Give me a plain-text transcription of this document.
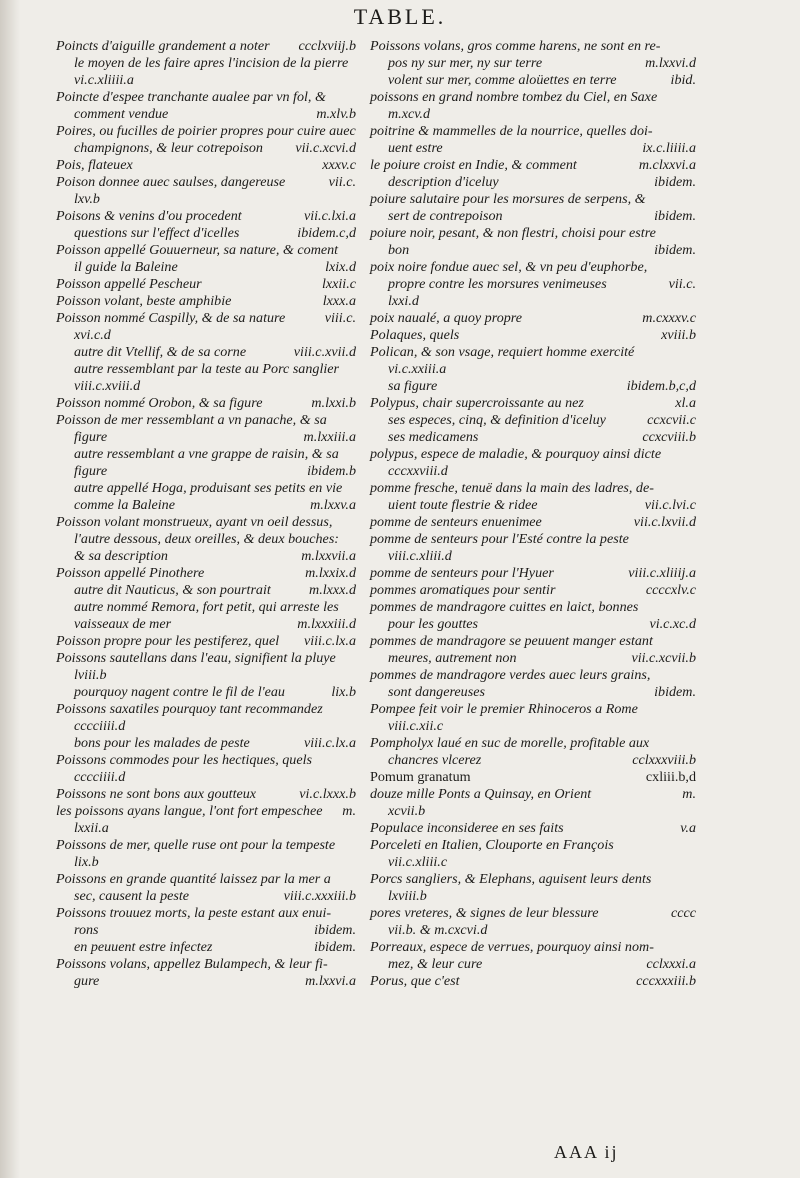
TABLE.
Poincts d'aiguille grandement a noter	ccclxviij.b
le moyen de les faire apres l'incision de la pierre
vi.c.xliiii.a
Poincte d'espee tranchante aualee par vn fol, &
comment vendue	m.xlv.b
Poires, ou fucilles de poirier propres pour cuire auec
champignons, & leur cotrepoison	vii.c.xcvi.d
Pois, flateuex	xxxv.c
Poison donnee auec saulses, dangereuse	vii.c.
lxv.b
Poisons & venins d'ou procedent	vii.c.lxi.a
questions sur l'effect d'icelles	ibidem.c,d
Poisson appellé Gouuerneur, sa nature, & coment
il guide la Baleine	lxix.d
Poisson appellé Pescheur	lxxii.c
Poisson volant, beste amphibie	lxxx.a
Poisson nommé Caspilly, & de sa nature	viii.c.
xvi.c.d
autre dit Vtellif, & de sa corne	viii.c.xvii.d
autre ressemblant par la teste au Porc sanglier
viii.c.xviii.d
Poisson nommé Orobon, & sa figure	m.lxxi.b
Poisson de mer ressemblant a vn panache, & sa
figure	m.lxxiii.a
autre ressemblant a vne grappe de raisin, & sa
figure	ibidem.b
autre appellé Hoga, produisant ses petits en vie
comme la Baleine	m.lxxv.a
Poisson volant monstrueux, ayant vn oeil dessus,
l'autre dessous, deux oreilles, & deux bouches:
& sa description	m.lxxvii.a
Poisson appellé Pinothere	m.lxxix.d
autre dit Nauticus, & son pourtrait	m.lxxx.d
autre nommé Remora, fort petit, qui arreste les
vaisseaux de mer	m.lxxxiii.d
Poisson propre pour les pestiferez, quel	viii.c.lx.a
Poissons sautellans dans l'eau, signifient la pluye
lviii.b
pourquoy nagent contre le fil de l'eau	lix.b
Poissons saxatiles pourquoy tant recommandez
cccciiii.d
bons pour les malades de peste	viii.c.lx.a
Poissons commodes pour les hectiques, quels
cccciiii.d
Poissons ne sont bons aux goutteux	vi.c.lxxx.b
les poissons ayans langue, l'ont fort empeschee	m.
lxxii.a
Poissons de mer, quelle ruse ont pour la tempeste
lix.b
Poissons en grande quantité laissez par la mer a
sec, causent la peste	viii.c.xxxiii.b
Poissons trouuez morts, la peste estant aux enui-
rons	ibidem.
en peuuent estre infectez	ibidem.
Poissons volans, appellez Bulampech, & leur fi-
gure	m.lxxvi.a
Poissons volans, gros comme harens, ne sont en re-
pos ny sur mer, ny sur terre	m.lxxvi.d
volent sur mer, comme aloüettes en terre	ibid.
poissons en grand nombre tombez du Ciel, en Saxe
m.xcv.d
poitrine & mammelles de la nourrice, quelles doi-
uent estre	ix.c.liiii.a
le poiure croist en Indie, & comment	m.clxxvi.a
description d'iceluy	ibidem.
poiure salutaire pour les morsures de serpens, &
sert de contrepoison	ibidem.
poiure noir, pesant, & non flestri, choisi pour estre
bon	ibidem.
poix noire fondue auec sel, & vn peu d'euphorbe,
propre contre les morsures venimeuses	vii.c.
lxxi.d
poix naualé, a quoy propre	m.cxxxv.c
Polaques, quels	xviii.b
Polican, & son vsage, requiert homme exercité
vi.c.xxiii.a
sa figure	ibidem.b,c,d
Polypus, chair supercroissante au nez	xl.a
ses especes, cinq, & definition d'iceluy	ccxcvii.c
ses medicamens	ccxcviii.b
polypus, espece de maladie, & pourquoy ainsi dicte
cccxxviii.d
pomme fresche, tenuë dans la main des ladres, de-
uient toute flestrie & ridee	vii.c.lvi.c
pomme de senteurs enuenimee	vii.c.lxvii.d
pomme de senteurs pour l'Esté contre la peste
viii.c.xliii.d
pomme de senteurs pour l'Hyuer	viii.c.xliiij.a
pommes aromatiques pour sentir	ccccxlv.c
pommes de mandragore cuittes en laict, bonnes
pour les gouttes	vi.c.xc.d
pommes de mandragore se peuuent manger estant
meures, autrement non	vii.c.xcvii.b
pommes de mandragore verdes auec leurs grains,
sont dangereuses	ibidem.
Pompee feit voir le premier Rhinoceros a Rome
viii.c.xii.c
Pompholyx laué en suc de morelle, profitable aux
chancres vlcerez	cclxxxviii.b
Pomum granatum	cxliii.b,d
douze mille Ponts a Quinsay, en Orient	m.
xcvii.b
Populace inconsideree en ses faits	v.a
Porceleti en Italien, Clouporte en François
vii.c.xliii.c
Porcs sangliers, & Elephans, aguisent leurs dents
lxviii.b
pores vreteres, & signes de leur blessure	cccc
vii.b. & m.cxcvi.d
Porreaux, espece de verrues, pourquoy ainsi nom-
mez, & leur cure	cclxxxi.a
Porus, que c'est	cccxxxiii.b
AAA ij
